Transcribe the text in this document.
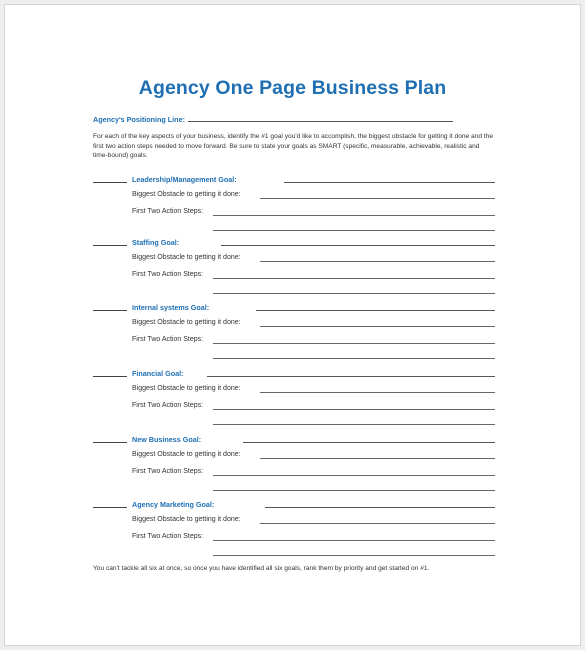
Agency One Page Business Plan
Agency's Positioning Line:
For each of the key aspects of your business, identify the #1 goal you'd like to accomplish, the biggest obstacle for getting it done and the first two action steps needed to move forward. Be sure to state your goals as SMART (specific, measurable, achievable, realistic and time-bound) goals.
Leadership/Management Goal:
Biggest Obstacle to getting it done:
First Two Action Steps:
Staffing Goal:
Biggest Obstacle to getting it done:
First Two Action Steps:
Internal systems Goal:
Biggest Obstacle to getting it done:
First Two Action Steps:
Financial Goal:
Biggest Obstacle to getting it done:
First Two Action Steps:
New Business Goal:
Biggest Obstacle to getting it done:
First Two Action Steps:
Agency Marketing Goal:
Biggest Obstacle to getting it done:
First Two Action Steps:
You can't tackle all six at once, so once you have identified all six goals, rank them by priority and get started on #1.
